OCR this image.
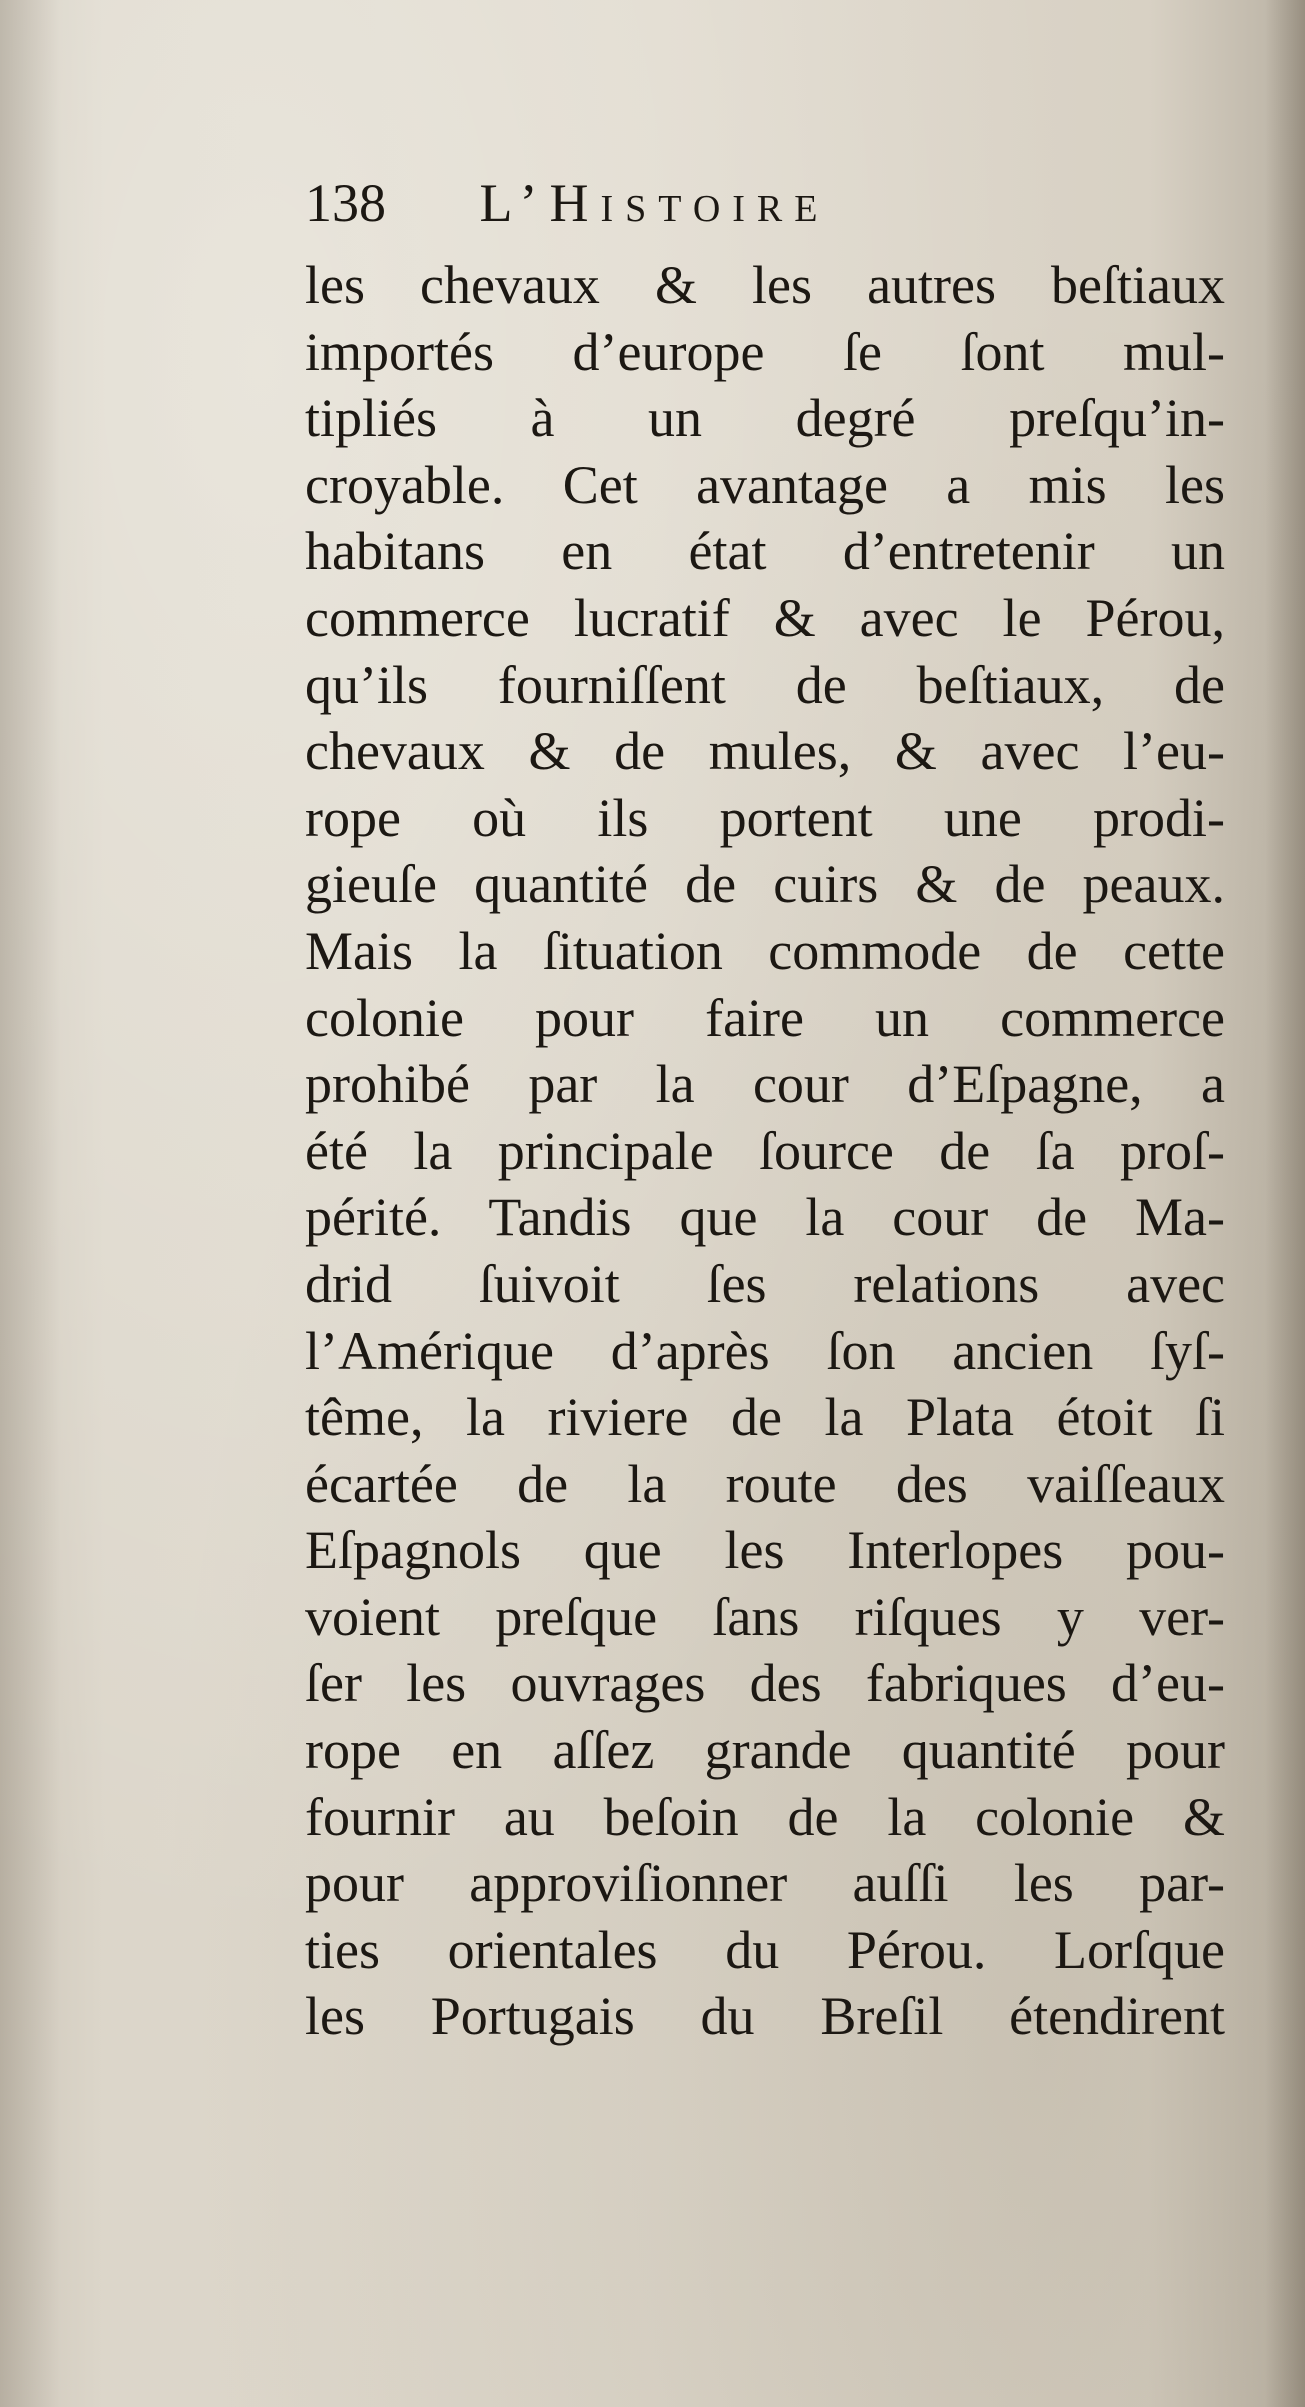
138 L’Histoire
les chevaux & les autres beſtiaux
importés d’europe ſe ſont mul-
tipliés à un degré preſqu’in-
croyable. Cet avantage a mis les
habitans en état d’entretenir un
commerce lucratif & avec le Pérou,
qu’ils fourniſſent de beſtiaux, de
chevaux & de mules, & avec l’eu-
rope où ils portent une prodi-
gieuſe quantité de cuirs & de peaux.
Mais la ſituation commode de cette
colonie pour faire un commerce
prohibé par la cour d’Eſpagne, a
été la principale ſource de ſa proſ-
périté. Tandis que la cour de Ma-
drid ſuivoit ſes relations avec
l’Amérique d’après ſon ancien ſyſ-
tême, la riviere de la Plata étoit ſi
écartée de la route des vaiſſeaux
Eſpagnols que les Interlopes pou-
voient preſque ſans riſques y ver-
ſer les ouvrages des fabriques d’eu-
rope en aſſez grande quantité pour
fournir au beſoin de la colonie &
pour approviſionner auſſi les par-
ties orientales du Pérou. Lorſque
les Portugais du Breſil étendirent
